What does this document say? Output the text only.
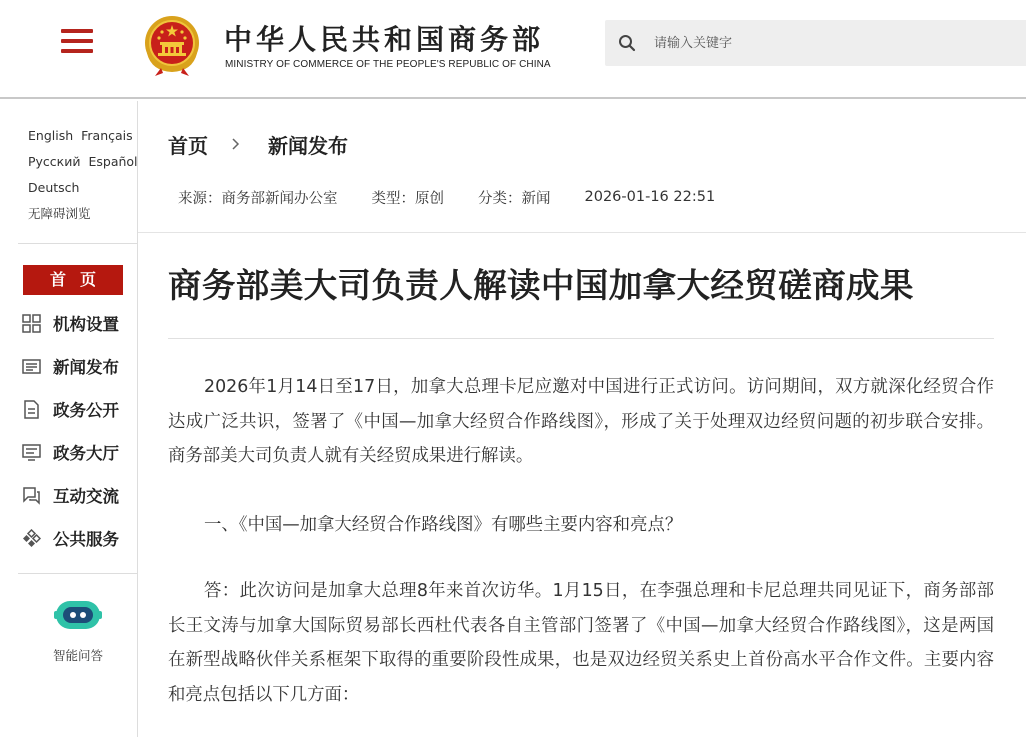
中华人民共和国商务部
MINISTRY OF COMMERCE OF THE PEOPLE'S REPUBLIC OF CHINA
请输入关键字
English Français
Русский Español
Deutsch
无障碍浏览
首页
机构设置
新闻发布
政务公开
政务大厅
互动交流
公共服务
智能问答
首页	新闻发布
来源：商务部新闻办公室 类型：原创 分类：新闻 2026-01-16 22:51
商务部美大司负责人解读中国加拿大经贸磋商成果

2026年1月14日至17日，加拿大总理卡尼应邀对中国进行正式访问。访问期间，双方就深化经贸合作达成广泛共识，签署了《中国—加拿大经贸合作路线图》，形成了关于处理双边经贸问题的初步联合安排。商务部美大司负责人就有关经贸成果进行解读。

一、《中国—加拿大经贸合作路线图》有哪些主要内容和亮点？

答：此次访问是加拿大总理8年来首次访华。1月15日，在李强总理和卡尼总理共同见证下，商务部部长王文涛与加拿大国际贸易部长西杜代表各自主管部门签署了《中国—加拿大经贸合作路线图》，这是两国在新型战略伙伴关系框架下取得的重要阶段性成果，也是双边经贸关系史上首份高水平合作文件。主要内容和亮点包括以下几方面：
